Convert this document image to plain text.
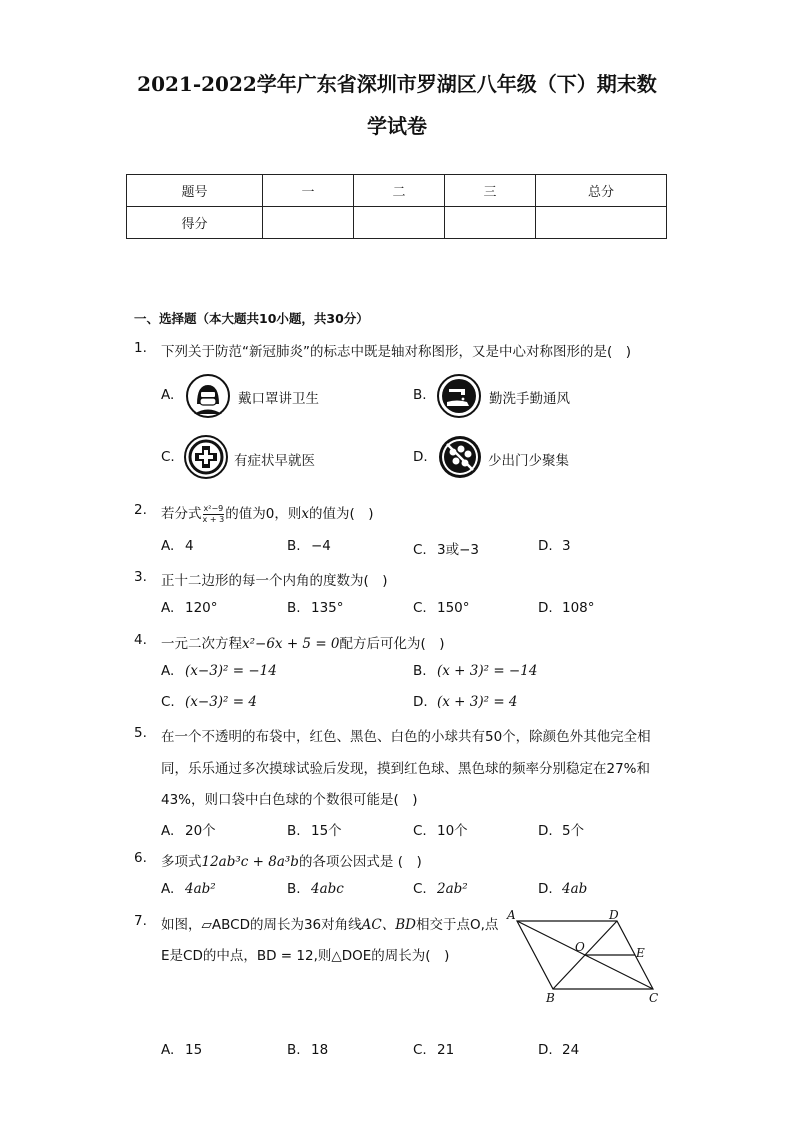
2021-2022学年广东省深圳市罗湖区八年级（下）期末数
学试卷
题号	一	二	三	总分
得分				
一、选择题（本大题共10小题，共30分）
1. 下列关于防范“新冠肺炎”的标志中既是轴对称图形，又是中心对称图形的是(　)
A.	戴口罩讲卫生	B.	勤洗手勤通风
C.	有症状早就医	D.	少出门少聚集
2. 若分式 $\frac{\text{x²−9}}{x + 3}$ 的值为0，则x的值为(　)
A. 4	B. −4	C. 3或−3	D. 3
3. 正十二边形的每一个内角的度数为(　)
A. 120°	B. 135°	C. 150°	D. 108°
4. 一元二次方程x²−6x + 5 = 0配方后可化为(　)
A. (x−3)² = −14	B. (x + 3)² = −14
C. (x−3)² = 4	D. (x + 3)² = 4
5. 在一个不透明的布袋中，红色、黑色、白色的小球共有50个，除颜色外其他完全相
同，乐乐通过多次摸球试验后发现，摸到红色球、黑色球的频率分别稳定在27%和
43%，则口袋中白色球的个数很可能是(　)
A. 20个	B. 15个	C. 10个	D. 5个
6. 多项式12ab³c + 8a³b的各项公因式是 (　)
A. 4ab²	B. 4abc	C. 2ab²	D. 4ab
7. 如图，▱ABCD的周长为36对角线AC、BD相交于点O,点
E是CD的中点，BD = 12,则△DOE的周长为(　)
A	D
O	E
B	C
A. 15	B. 18	C. 21	D. 24
